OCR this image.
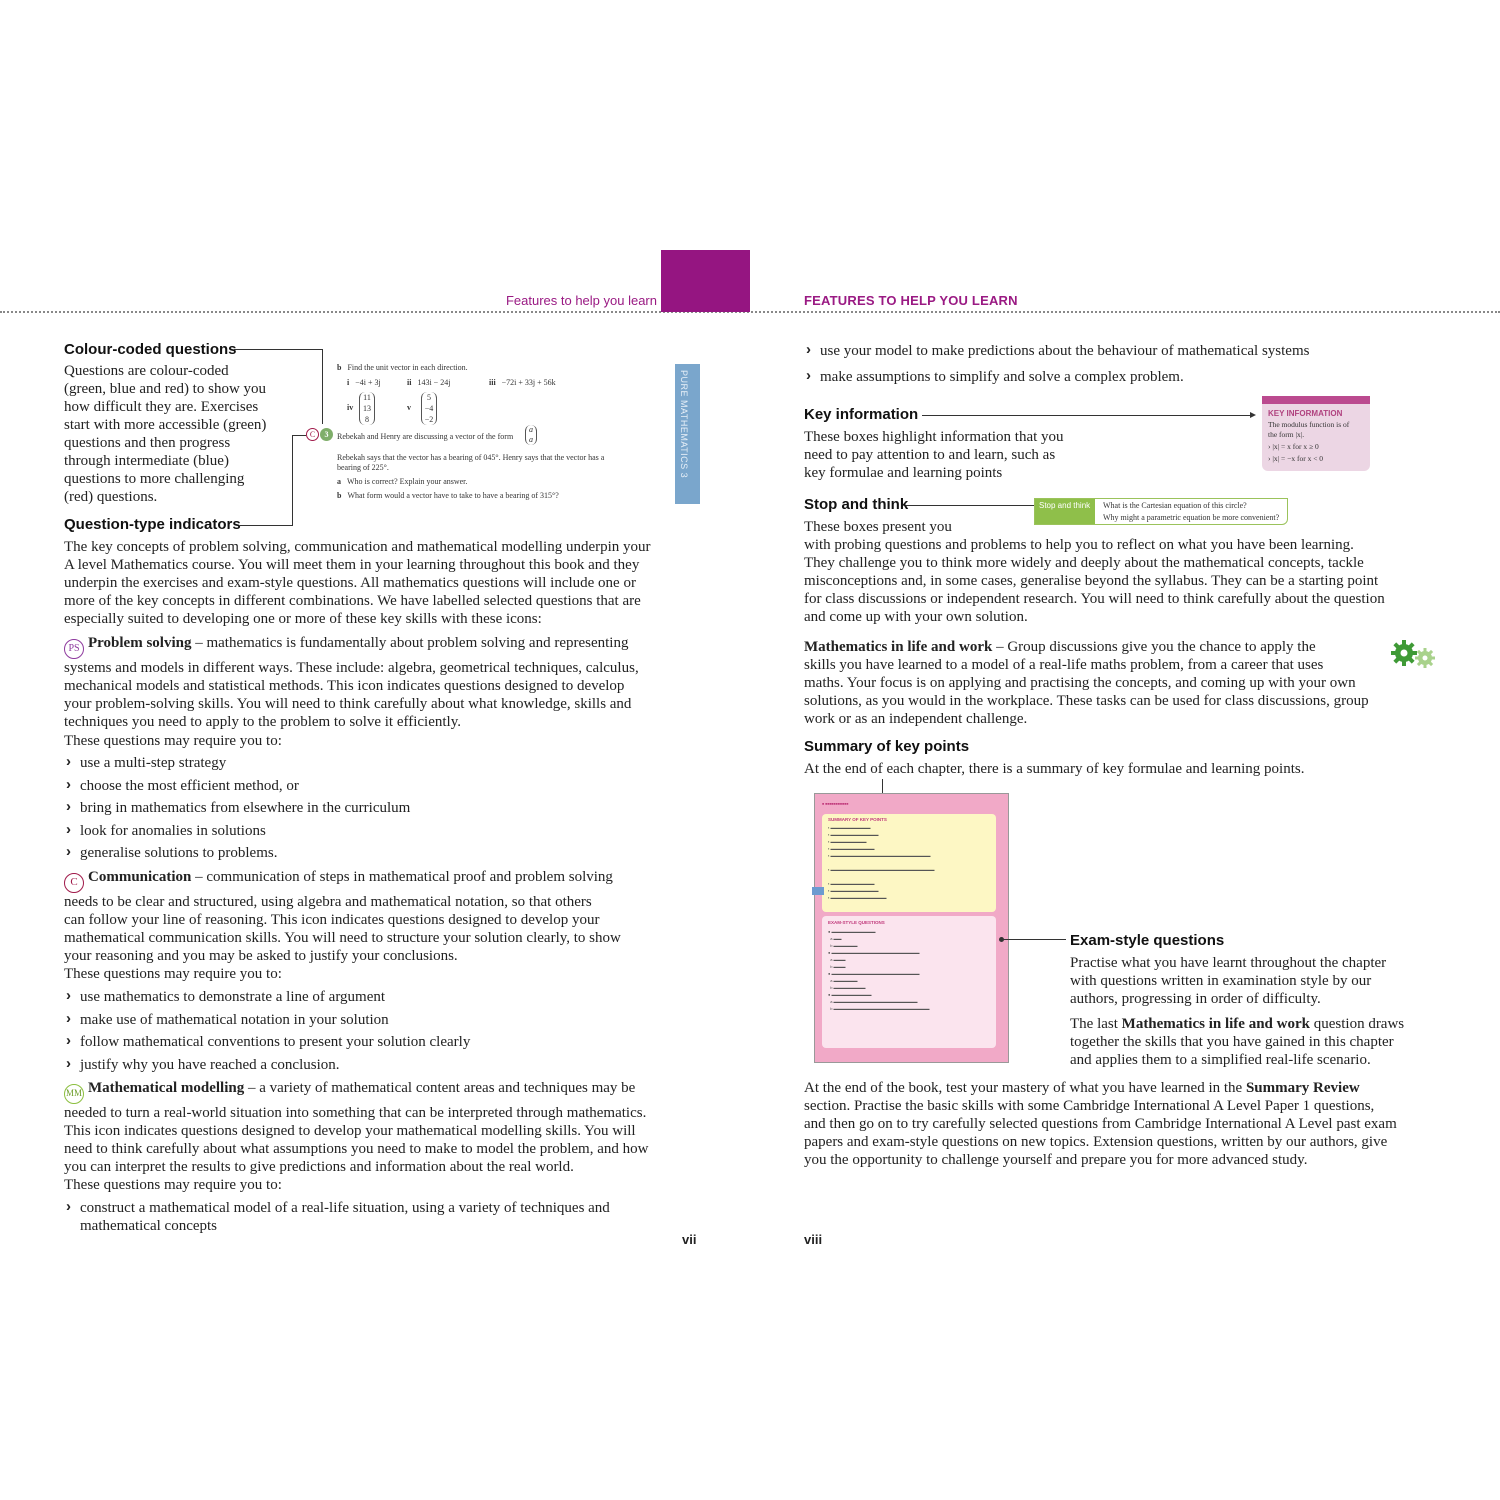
Features to help you learn	FEATURES TO HELP YOU LEARN
Colour-coded questions
Questions are colour-coded
(green, blue and red) to show you
how difficult they are. Exercises
start with more accessible (green)
questions and then progress
through intermediate (blue)
questions to more challenging
(red) questions.
Question-type indicators
b Find the unit vector in each direction.
i −4i + 3j	ii 143i − 24j	iii −72i + 33j + 56k
iv
11
13
8
v
5
−4
−2
Rebekah and Henry are discussing a vector of the form
a
a
Rebekah says that the vector has a bearing of 045°. Henry says that the vector has a
bearing of 225°.
a Who is correct? Explain your answer.
b What form would a vector have to take to have a bearing of 315°?
C	3	PURE MATHEMATICS 3
The key concepts of problem solving, communication and mathematical modelling underpin your
A level Mathematics course. You will meet them in your learning throughout this book and they
underpin the exercises and exam-style questions. All mathematics questions will include one or
more of the key concepts in different combinations. We have labelled selected questions that are
especially suited to developing one or more of these key skills with these icons:
PS Problem solving – mathematics is fundamentally about problem solving and representing
systems and models in different ways. These include: algebra, geometrical techniques, calculus,
mechanical models and statistical methods. This icon indicates questions designed to develop
your problem-solving skills. You will need to think carefully about what knowledge, skills and
techniques you need to apply to the problem to solve it efficiently.
These questions may require you to:
› use a multi-step strategy
› choose the most efficient method, or
› bring in mathematics from elsewhere in the curriculum
› look for anomalies in solutions
› generalise solutions to problems.
C Communication – communication of steps in mathematical proof and problem solving
needs to be clear and structured, using algebra and mathematical notation, so that others
can follow your line of reasoning. This icon indicates questions designed to develop your
mathematical communication skills. You will need to structure your solution clearly, to show
your reasoning and you may be asked to justify your conclusions.
These questions may require you to:
› use mathematics to demonstrate a line of argument
› make use of mathematical notation in your solution
› follow mathematical conventions to present your solution clearly
› justify why you have reached a conclusion.
MM Mathematical modelling – a variety of mathematical content areas and techniques may be
needed to turn a real-world situation into something that can be interpreted through mathematics.
This icon indicates questions designed to develop your mathematical modelling skills. You will
need to think carefully about what assumptions you need to make to model the problem, and how
you can interpret the results to give predictions and information about the real world.
These questions may require you to:
› construct a mathematical model of a real-life situation, using a variety of techniques and
mathematical concepts
vii
› use your model to make predictions about the behaviour of mathematical systems
› make assumptions to simplify and solve a complex problem.
Key information
These boxes highlight information that you
need to pay attention to and learn, such as
key formulae and learning points
KEY INFORMATION
The modulus function is of
the form |x|.
› |x| = x for x ≥ 0
› |x| = −x for x < 0
Stop and think	Stop and think	What is the Cartesian equation of this circle?
Why might a parametric equation be more convenient?
These boxes present you
with probing questions and problems to help you to reflect on what you have been learning.
They challenge you to think more widely and deeply about the mathematical concepts, tackle
misconceptions and, in some cases, generalise beyond the syllabus. They can be a starting point
for class discussions or independent research. You will need to think carefully about the question
and come up with your own solution.
Mathematics in life and work – Group discussions give you the chance to apply the
skills you have learned to a model of a real-life maths problem, from a career that uses
maths. Your focus is on applying and practising the concepts, and coming up with your own
solutions, as you would in the workplace. These tasks can be used for class discussions, group
work or as an independent challenge.
Summary of key points
At the end of each chapter, there is a summary of key formulae and learning points.
■ ■■■■■■■■■■■
SUMMARY OF KEY POINTS
▪ ▬▬▬▬▬▬▬▬▬▬
▪ ▬▬▬▬▬▬▬▬▬▬▬▬
▪ ▬▬▬▬▬▬▬▬▬
▪ ▬▬▬▬▬▬▬▬▬▬▬
▪ ▬▬▬▬▬▬▬▬▬▬▬▬▬▬▬▬▬▬▬▬▬▬▬▬▬

▪ ▬▬▬▬▬▬▬▬▬▬▬▬▬▬▬▬▬▬▬▬▬▬▬▬▬▬

▪ ▬▬▬▬▬▬▬▬▬▬▬
▪ ▬▬▬▬▬▬▬▬▬▬▬▬
▪ ▬▬▬▬▬▬▬▬▬▬▬▬▬▬
EXAM-STYLE QUESTIONS
● ▬▬▬▬▬▬▬▬▬▬▬
a ▬▬
b ▬▬▬▬▬▬
● ▬▬▬▬▬▬▬▬▬▬▬▬▬▬▬▬▬▬▬▬▬▬
a ▬▬▬
b ▬▬▬
● ▬▬▬▬▬▬▬▬▬▬▬▬▬▬▬▬▬▬▬▬▬▬
a ▬▬▬▬▬▬
b ▬▬▬▬▬▬▬▬
● ▬▬▬▬▬▬▬▬▬▬
a ▬▬▬▬▬▬▬▬▬▬▬▬▬▬▬▬▬▬▬▬▬
b ▬▬▬▬▬▬▬▬▬▬▬▬▬▬▬▬▬▬▬▬▬▬▬▬
Exam-style questions
Practise what you have learnt throughout the chapter
with questions written in examination style by our
authors, progressing in order of difficulty.
The last Mathematics in life and work question draws
together the skills that you have gained in this chapter
and applies them to a simplified real-life scenario.
At the end of the book, test your mastery of what you have learned in the Summary Review
section. Practise the basic skills with some Cambridge International A Level Paper 1 questions,
and then go on to try carefully selected questions from Cambridge International A Level past exam
papers and exam-style questions on new topics. Extension questions, written by our authors, give
you the opportunity to challenge yourself and prepare you for more advanced study.
viii
